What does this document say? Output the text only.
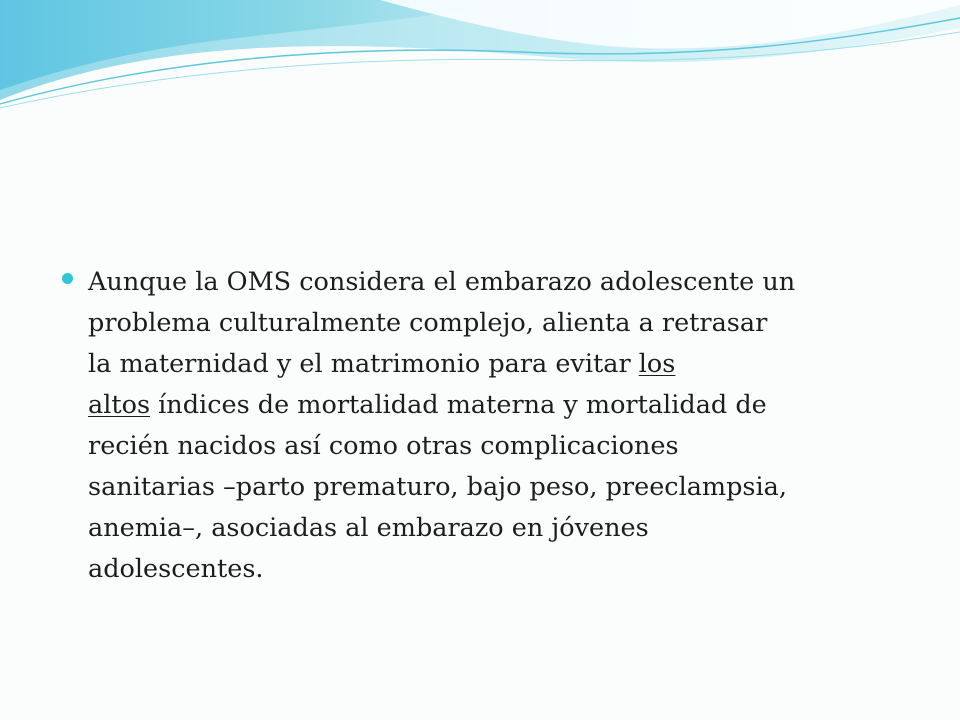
Aunque la OMS considera el embarazo adolescente un
problema culturalmente complejo, alienta a retrasar
la maternidad y el matrimonio para evitar los
altos índices de mortalidad materna y mortalidad de
recién nacidos así como otras complicaciones
sanitarias –parto prematuro, bajo peso, preeclampsia,
anemia–, asociadas al embarazo en jóvenes
adolescentes.
